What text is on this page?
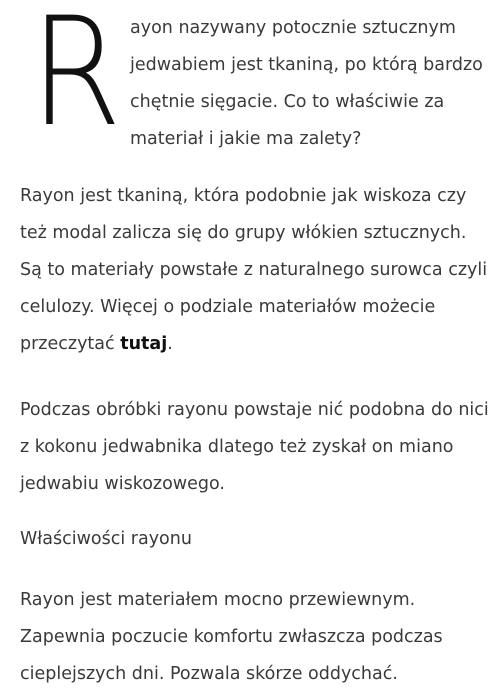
R ayon nazywany potocznie sztucznym jedwabiem jest tkaniną, po którą bardzo chętnie sięgacie. Co to właściwie za materiał i jakie ma zalety?

Rayon jest tkaniną, która podobnie jak wiskoza czy też modal zalicza się do grupy włókien sztucznych. Są to materiały powstałe z naturalnego surowca czyli celulozy. Więcej o podziale materiałów możecie przeczytać tutaj.

Podczas obróbki rayonu powstaje nić podobna do nici z kokonu jedwabnika dlatego też zyskał on miano jedwabiu wiskozowego.

Właściwości rayonu

Rayon jest materiałem mocno przewiewnym. Zapewnia poczucie komfortu zwłaszcza podczas cieplejszych dni. Pozwala skórze oddychać.
